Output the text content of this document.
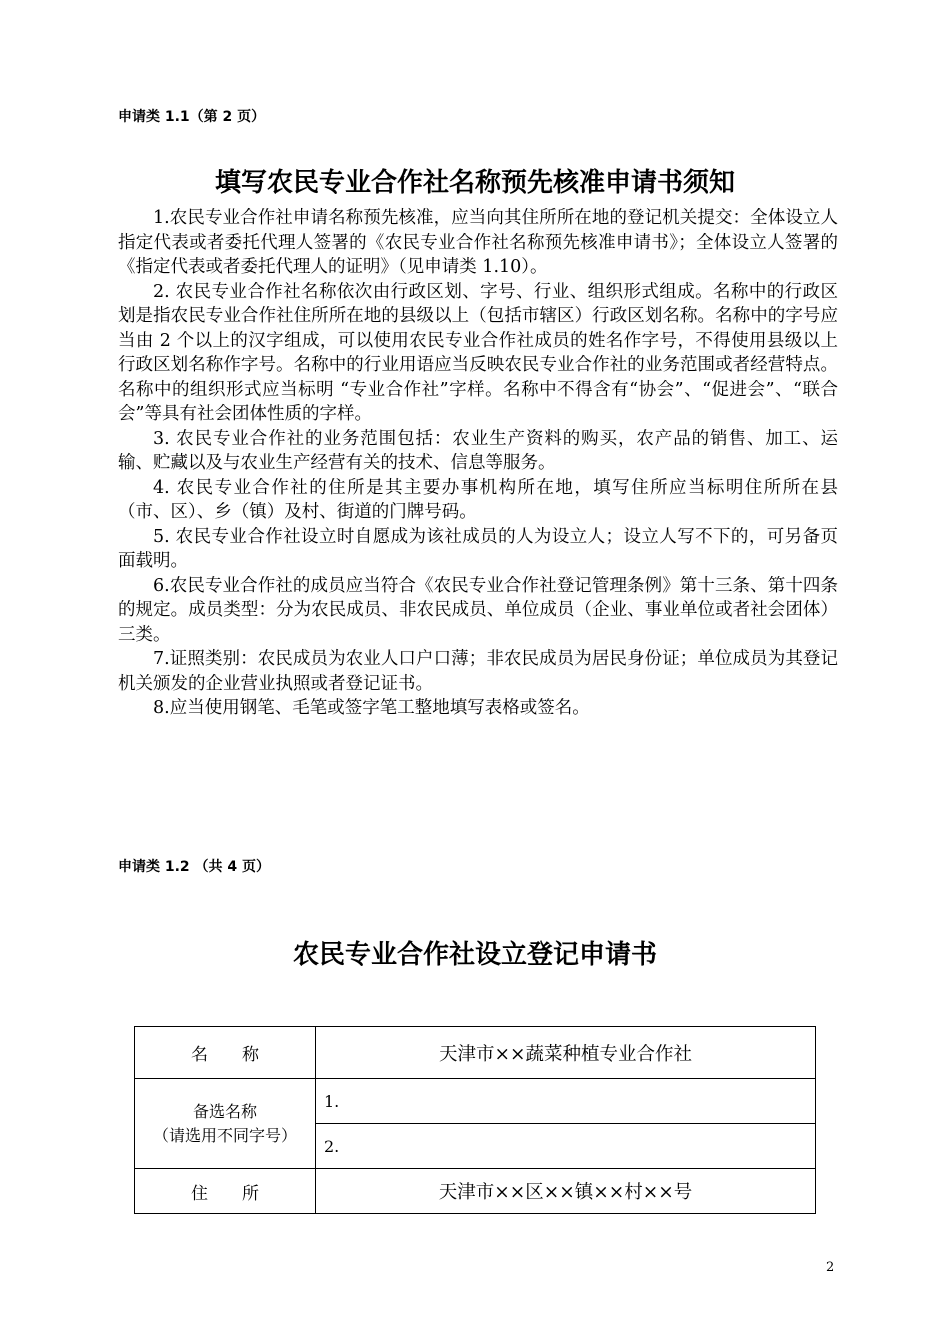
申请类 1.1（第 2 页）
填写农民专业合作社名称预先核准申请书须知

1.农民专业合作社申请名称预先核准，应当向其住所所在地的登记机关提交：全体设立人指定代表或者委托代理人签署的《农民专业合作社名称预先核准申请书》；全体设立人签署的《指定代表或者委托代理人的证明》（见申请类 1.10）。

2. 农民专业合作社名称依次由行政区划、字号、行业、组织形式组成。名称中的行政区划是指农民专业合作社住所所在地的县级以上（包括市辖区）行政区划名称。名称中的字号应当由 2 个以上的汉字组成，可以使用农民专业合作社成员的姓名作字号，不得使用县级以上行政区划名称作字号。名称中的行业用语应当反映农民专业合作社的业务范围或者经营特点。名称中的组织形式应当标明 “专业合作社”字样。名称中不得含有“协会”、“促进会”、“联合会”等具有社会团体性质的字样。

3. 农民专业合作社的业务范围包括：农业生产资料的购买，农产品的销售、加工、运输、贮藏以及与农业生产经营有关的技术、信息等服务。

4. 农民专业合作社的住所是其主要办事机构所在地，填写住所应当标明住所所在县（市、区）、乡（镇）及村、街道的门牌号码。

5. 农民专业合作社设立时自愿成为该社成员的人为设立人；设立人写不下的，可另备页面载明。

6.农民专业合作社的成员应当符合《农民专业合作社登记管理条例》第十三条、第十四条的规定。成员类型：分为农民成员、非农民成员、单位成员（企业、事业单位或者社会团体）三类。

7.证照类别：农民成员为农业人口户口薄；非农民成员为居民身份证；单位成员为其登记机关颁发的企业营业执照或者登记证书。

8.应当使用钢笔、毛笔或签字笔工整地填写表格或签名。

申请类 1.2 （共 4 页）
农民专业合作社设立登记申请书
名　　称	天津市××蔬菜种植专业合作社

备选名称
（请选用不同字号）	1.
	2.
住　　所	天津市××区××镇××村××号
2
